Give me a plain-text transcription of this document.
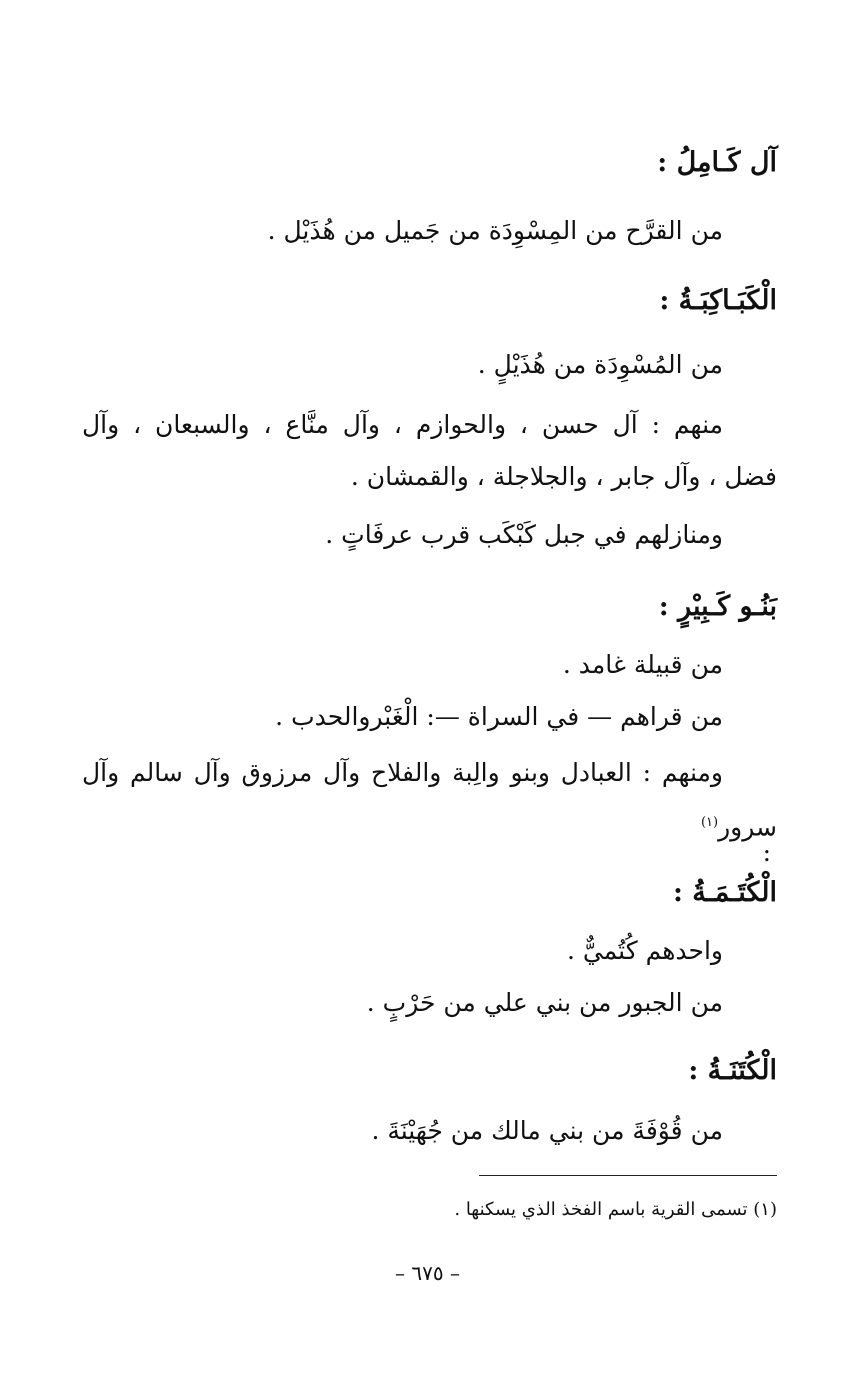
آل كَـامِلُ :
من القرَّح من المِسْوِدَة من جَميل من هُذَيْل .
الْكَبَـاكِبَـةُ :
من المُسْوِدَة من هُذَيْلٍ .
منهم : آل حسن ، والحوازم ، وآل منَّاع ، والسبعان ، وآل
فضل ، وآل جابر ، والجلاجلة ، والقمشان .
ومنازلهم في جبل كَبْكَب قرب عرفَاتٍ .
بَنُـو كَـبِيْرٍ :
من قبيلة غامد .
من قراهم — في السراة —: الْغَبْروالحدب .
ومنهم : العبادل وبنو والِبة والفلاح وآل مرزوق وآل سالم وآل
سرور$^{(١)}$
:
الْكُتَـمَـةُ :
واحدهم كُتُميٌّ .
من الجبور من بني علي من حَرْبٍ .
الْكُتَنَـةُ :
من قُوْفَةَ من بني مالك من جُهَيْنَةَ .
(١) تسمى القرية باسم الفخذ الذي يسكنها .
– ٦٧٥ –
